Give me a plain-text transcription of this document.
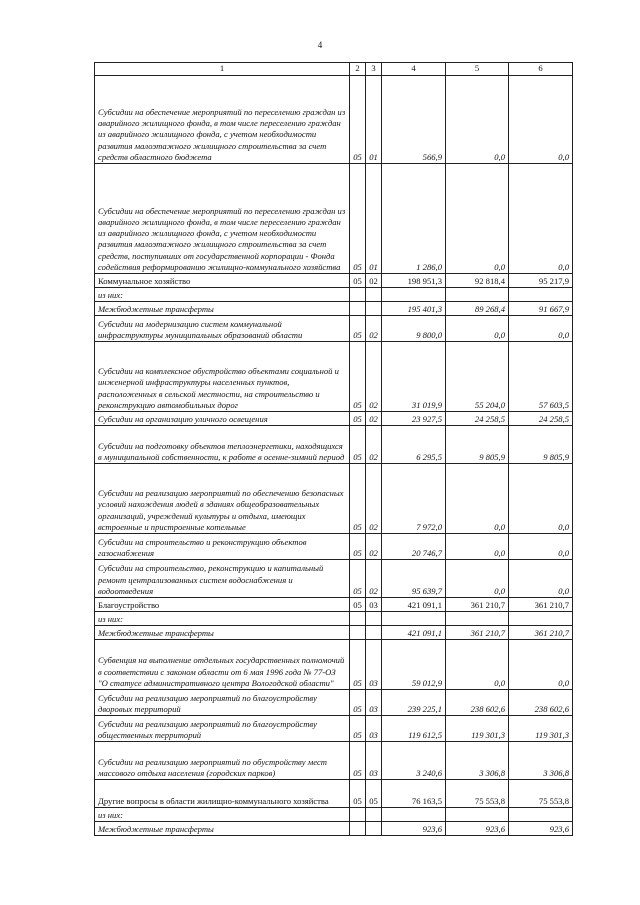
4
1	2	3	4	5	6
Субсидии на обеспечение мероприятий по переселению граждан из аварийного жилищного фонда, в том числе переселению граждан из аварийного жилищного фонда, с учетом необходимости развития малоэтажного жилищного строительства за счет средств областного бюджета	05	01	566,9	0,0	0,0
Субсидии на обеспечение мероприятий по переселению граждан из аварийного жилищного фонда, в том числе переселению граждан из аварийного жилищного фонда, с учетом необходимости развития малоэтажного жилищного строительства за счет средств, поступивших от государственной корпорации - Фонда содействия реформированию жилищно-коммунального хозяйства	05	01	1 286,0	0,0	0,0
Коммунальное хозяйство	05	02	198 951,3	92 818,4	95 217,9
из них:					
Межбюджетные трансферты			195 401,3	89 268,4	91 667,9
Субсидии на модернизацию систем коммунальной инфраструктуры муниципальных образований области	05	02	9 800,0	0,0	0,0
Субсидии на комплексное обустройство объектами социальной и инженерной инфраструктуры населенных пунктов, расположенных в сельской местности, на строительство и реконструкцию автомобильных дорог	05	02	31 019,9	55 204,0	57 603,5
Субсидии на организацию уличного освещения	05	02	23 927,5	24 258,5	24 258,5
Субсидии на подготовку объектов теплоэнергетики, находящихся в муниципальной собственности, к работе в осенне-зимний период	05	02	6 295,5	9 805,9	9 805,9
Субсидии на реализацию мероприятий по обеспечению безопасных условий нахождения людей в зданиях общеобразовательных организаций, учреждений культуры и отдыха, имеющих встроенные и пристроенные котельные	05	02	7 972,0	0,0	0,0
Субсидии на строительство и реконструкцию объектов газоснабжения	05	02	20 746,7	0,0	0,0
Субсидии на строительство, реконструкцию и капитальный ремонт централизованных систем водоснабжения и водоотведения	05	02	95 639,7	0,0	0,0
Благоустройство	05	03	421 091,1	361 210,7	361 210,7
из них:					
Межбюджетные трансферты			421 091,1	361 210,7	361 210,7
Субвенция на выполнение отдельных государственных полномочий в соответствии с законом области от 6 мая 1996 года № 77-ОЗ "О статусе административного центра Вологодской области"	05	03	59 012,9	0,0	0,0
Субсидии на реализацию мероприятий по благоустройству дворовых территорий	05	03	239 225,1	238 602,6	238 602,6
Субсидии на реализацию мероприятий по благоустройству общественных территорий	05	03	119 612,5	119 301,3	119 301,3
Субсидии на реализацию мероприятий по обустройству мест массового отдыха населения (городских парков)	05	03	3 240,6	3 306,8	3 306,8
Другие вопросы в области жилищно-коммунального хозяйства	05	05	76 163,5	75 553,8	75 553,8
из них:					
Межбюджетные трансферты			923,6	923,6	923,6
